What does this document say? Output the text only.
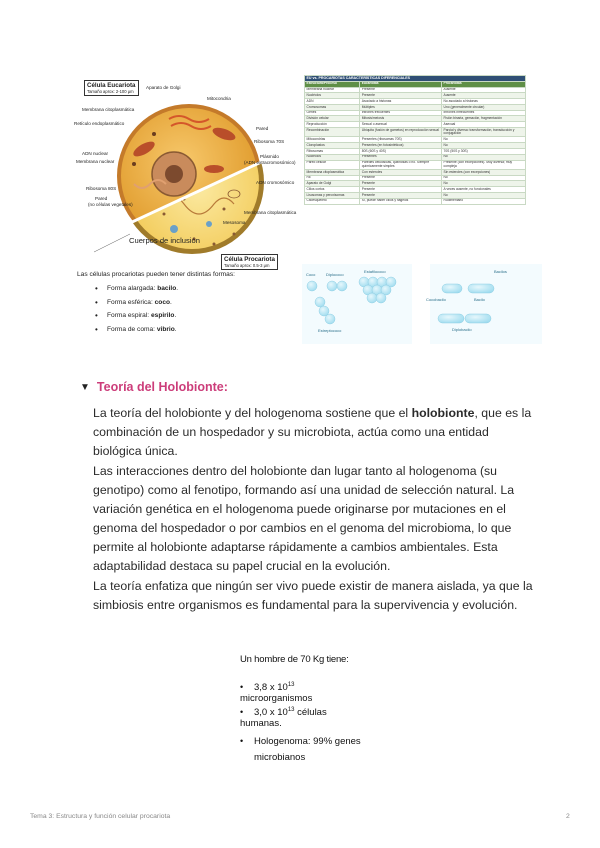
Célula Eucariota
Tamaño aprox: 2-100 μm
Célula Procariota
Tamaño aprox: 0.5-3 μm
Aparato de Golgi
Mitocondria
Membrana citoplasmática
Retículo endoplasmático
Pared
Ribosoma 70S
Plásmido
(ADN extracromosómico)
ADN nuclear
Membrana nuclear
ADN cromosómico
Ribosoma 80S
Pared
(no células vegetales)
Membrana citoplasmática
Mesosoma
Cuerpos de inclusión
EU vs. PROCARIOTAS CARACTERÍSTICAS DIFERENCIALES		
Estructura/Proceso	Eucariotas	Procariotas
Membrana nuclear	Presente	Ausente
Nucléolos	Presente	Ausente
ADN	Asociado a histonas	No asociado a histonas
Cromosomas	Múltiples	Uno (generalmente circular)
Genes	Intrones frecuentes	Intrones infrecuentes
División celular	Mitosis/meiosis	Fisión binaria, gemación, fragmentación
Reproducción	Sexual o asexual	Asexual
Recombinación	Ubiquita (fusión de gametos) en reproducción sexual	Parcial y diversa: transformación, transducción y conjugación
Mitocondrias	Presentes (ribosomas 70S)	No
Cloroplastos	Presentes (en fotosintéticos)	No
Ribosomas	80S (60S y 40S)	70S (50S y 30S)
Nucléolos	Presentes	No
Pared celular	Paredes celulósicas, quitinosas o no. Siempre químicamente simples	Presente (con excepciones). Muy diversa; muy compleja
Membrana citoplasmática	Con esteroles	Sin esteroles (con excepciones)
RE	Presente	No
Aparato de Golgi	Presente	No
Cilios cortos	Presente	A veces ausente, no funcionales
Lisosomas y peroxisomas	Presente	No
Citoesqueleto	Sí, puede haber cilios y flagelos	Rudimentario
Las células procariotas pueden tener distintas formas:
• Forma alargada: bacilo.
• Forma esférica: coco.
• Forma espiral: espirilo.
• Forma de coma: vibrio.
Coco	Diplococo
Estafilococo
Estreptococo
Bacilos
Cocobacilo	Bacilo
Diplobacilo
▼ Teoría del Holobionte:
La teoría del holobionte y del hologenoma sostiene que el holobionte, que es la combinación de un hospedador y su microbiota, actúa como una entidad biológica única.
Las interacciones dentro del holobionte dan lugar tanto al hologenoma (su genotipo) como al fenotipo, formando así una unidad de selección natural. La variación genética en el hologenoma puede originarse por mutaciones en el genoma del hospedador o por cambios en el genoma del microbioma, lo que permite al holobionte adaptarse rápidamente a cambios ambientales. Esta adaptabilidad destaca su papel crucial en la evolución.
La teoría enfatiza que ningún ser vivo puede existir de manera aislada, ya que la simbiosis entre organismos es fundamental para la supervivencia y evolución.
Un hombre de 70 Kg tiene:
• 3,8 x $10^{13}$ microorganismos
• 3,0 x $10^{13}$ células humanas.
• Hologenoma: 99% genes
microbianos
Tema 3: Estructura y función celular procariota	2
